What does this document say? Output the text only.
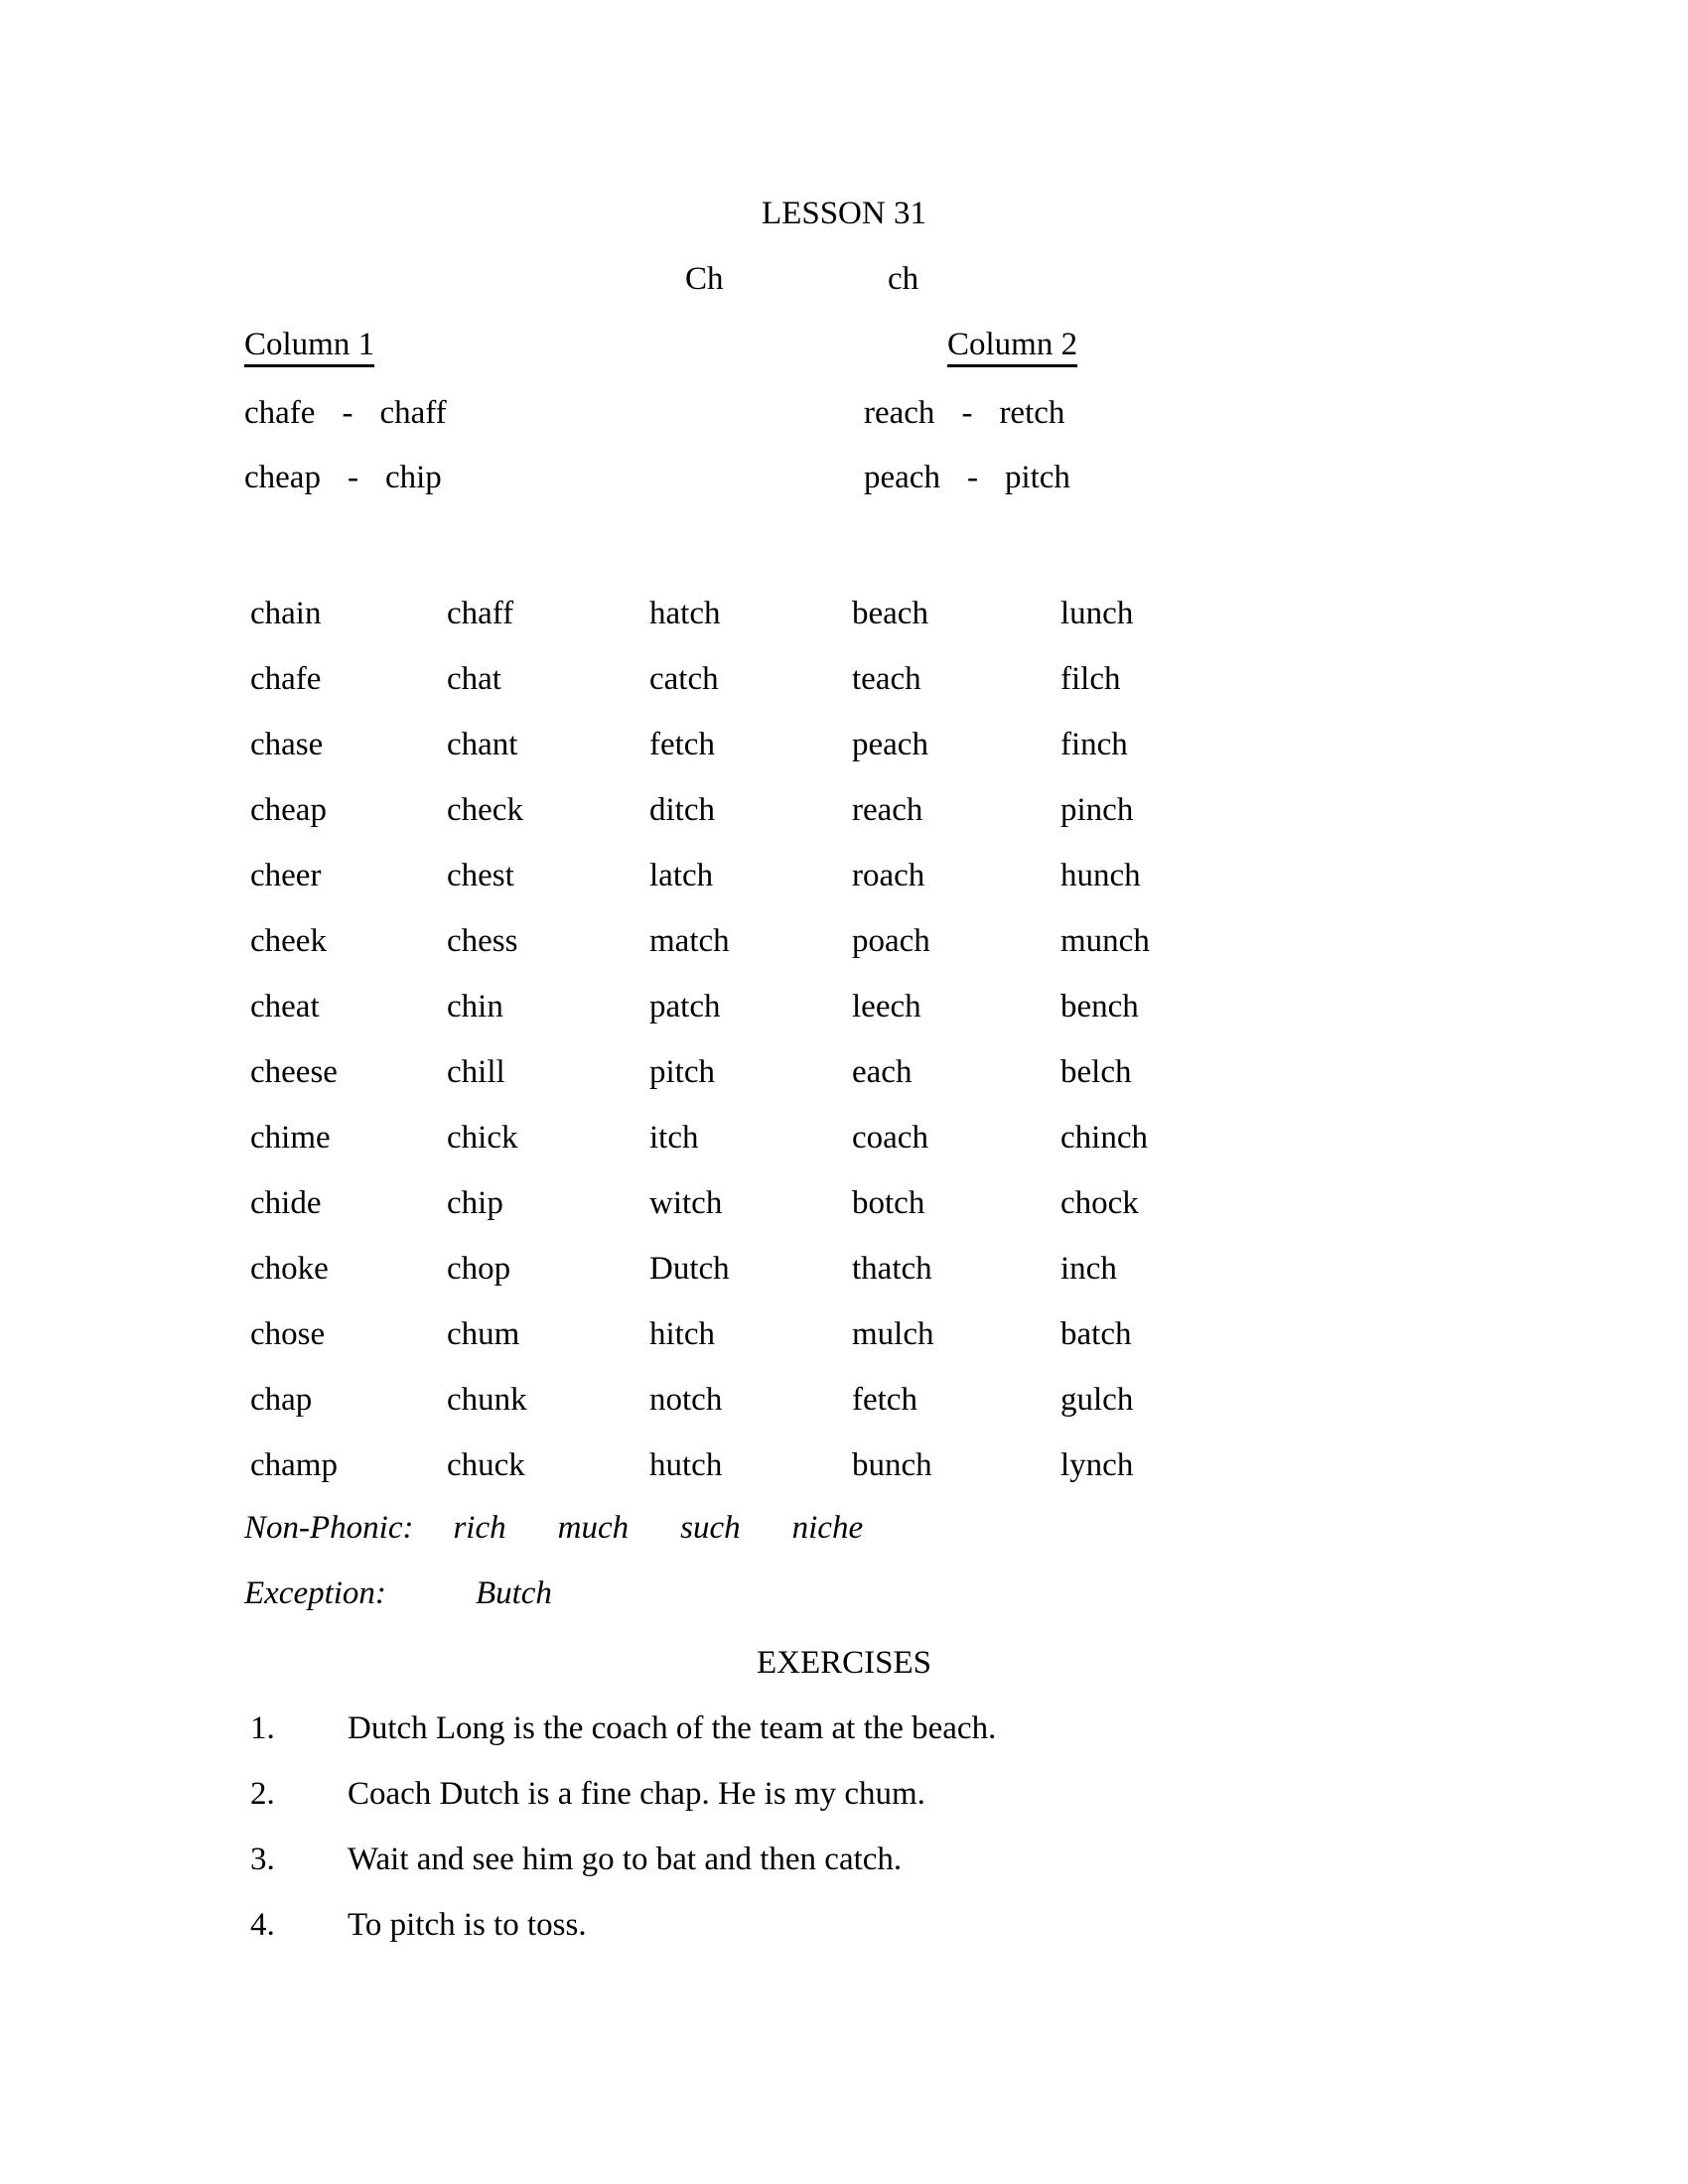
LESSON 31
Ch	ch
Column 1	Column 2
chafe - chaff	reach - retch
cheap - chip	peach - pitch
chain	chaff	hatch	beach	lunch
chafe	chat	catch	teach	filch
chase	chant	fetch	peach	finch
cheap	check	ditch	reach	pinch
cheer	chest	latch	roach	hunch
cheek	chess	match	poach	munch
cheat	chin	patch	leech	bench
cheese	chill	pitch	each	belch
chime	chick	itch	coach	chinch
chide	chip	witch	botch	chock
choke	chop	Dutch	thatch	inch
chose	chum	hitch	mulch	batch
chap	chunk	notch	fetch	gulch
champ	chuck	hutch	bunch	lynch
Non-Phonic: rich much such niche
Exception:	Butch
EXERCISES
1.	Dutch Long is the coach of the team at the beach.
2.	Coach Dutch is a fine chap. He is my chum.
3.	Wait and see him go to bat and then catch.
4.	To pitch is to toss.
